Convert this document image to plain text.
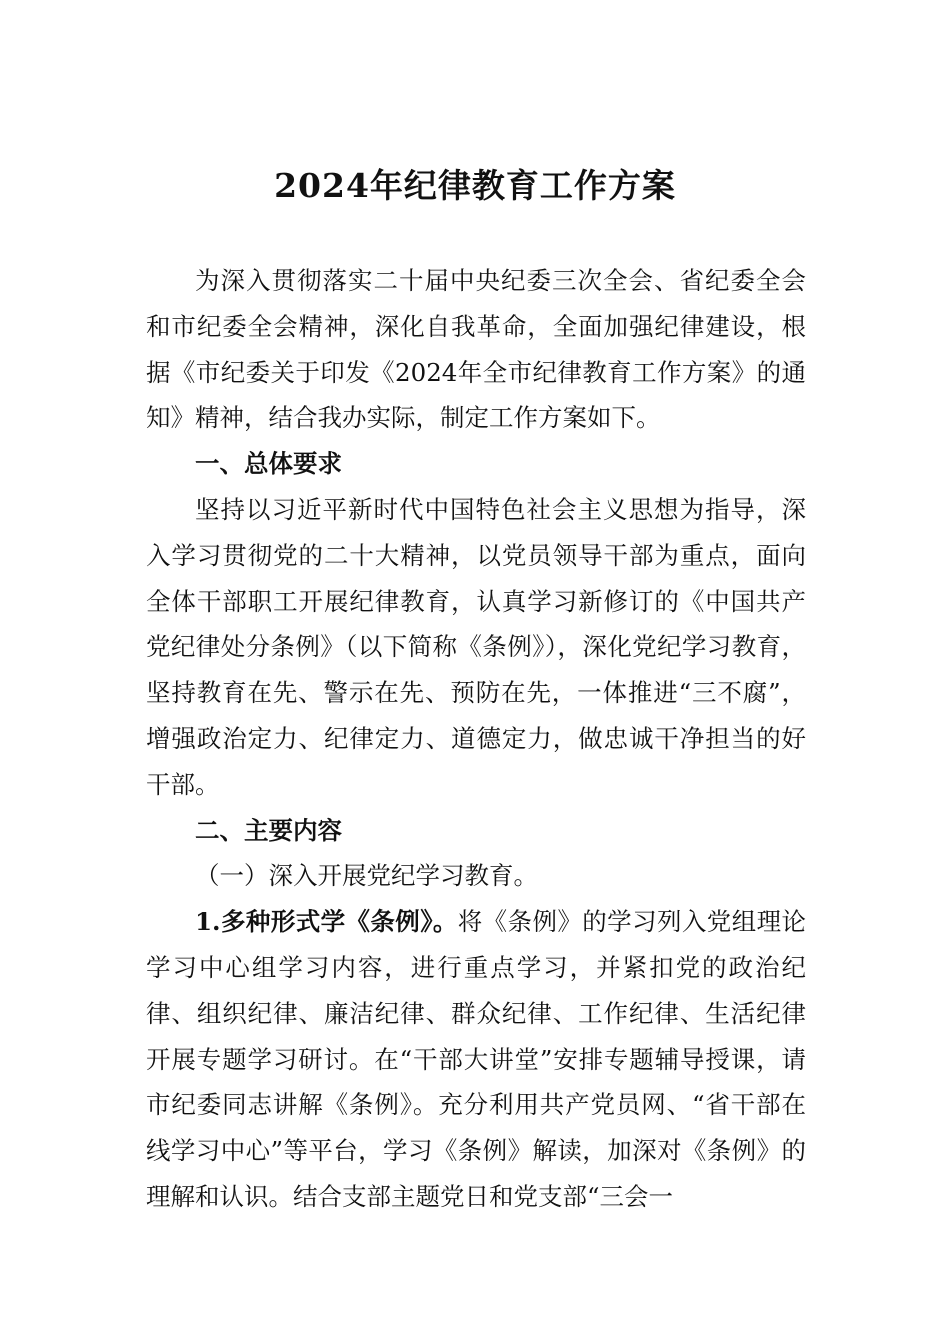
2024年纪律教育工作方案

为深入贯彻落实二十届中央纪委三次全会、省纪委全会和市纪委全会精神，深化自我革命，全面加强纪律建设，根据《市纪委关于印发《2024年全市纪律教育工作方案》的通知》精神，结合我办实际，制定工作方案如下。

一、总体要求

坚持以习近平新时代中国特色社会主义思想为指导，深入学习贯彻党的二十大精神，以党员领导干部为重点，面向全体干部职工开展纪律教育，认真学习新修订的《中国共产党纪律处分条例》（以下简称《条例》），深化党纪学习教育，坚持教育在先、警示在先、预防在先，一体推进“三不腐”，增强政治定力、纪律定力、道德定力，做忠诚干净担当的好干部。

二、主要内容

（一）深入开展党纪学习教育。

1.多种形式学《条例》。将《条例》的学习列入党组理论学习中心组学习内容，进行重点学习，并紧扣党的政治纪律、组织纪律、廉洁纪律、群众纪律、工作纪律、生活纪律开展专题学习研讨。在“干部大讲堂”安排专题辅导授课，请市纪委同志讲解《条例》。充分利用共产党员网、“省干部在线学习中心”等平台，学习《条例》解读，加深对《条例》的理解和认识。结合支部主题党日和党支部“三会一
